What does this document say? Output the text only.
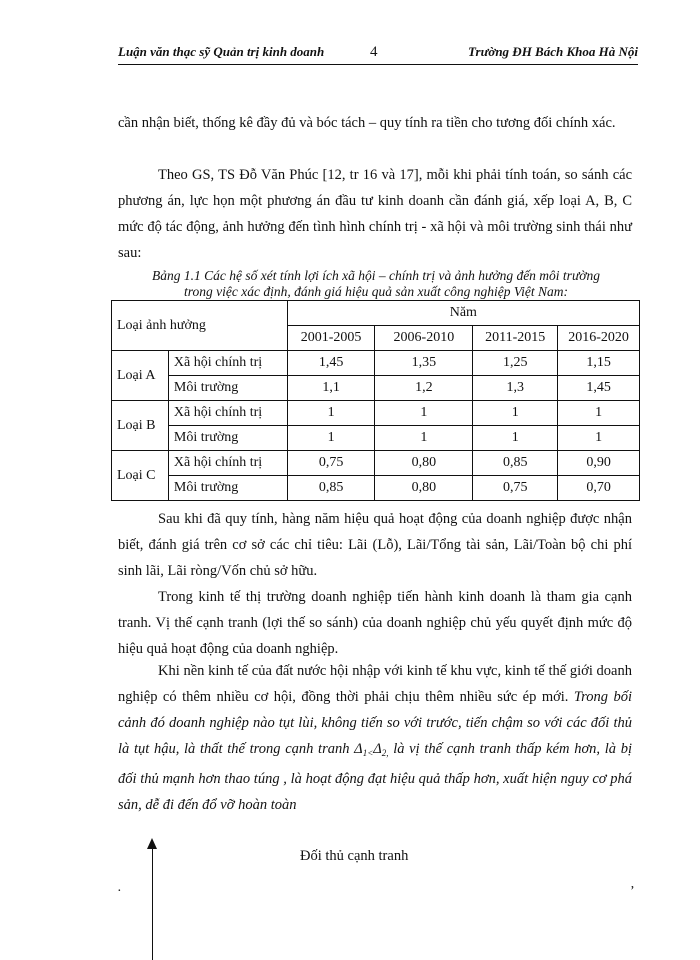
Luận văn thạc sỹ Quản trị kinh doanh	4	Trường ĐH Bách Khoa Hà Nội

cần nhận biết, thống kê đầy đủ và bóc tách – quy tính ra tiền cho tương đối chính xác.

Theo GS, TS Đỗ Văn Phúc [12, tr 16 và 17], mỗi khi phải tính toán, so sánh các phương án, lực họn một phương án đầu tư kinh doanh cần đánh giá, xếp loại A, B, C mức độ tác động, ảnh hưởng đến tình hình chính trị - xã hội và môi trường sinh thái như sau:

Bảng 1.1 Các hệ số xét tính lợi ích xã hội – chính trị và ảnh hưởng đến môi trường
trong việc xác định, đánh giá hiệu quả sản xuất công nghiệp Việt Nam:
Loại ảnh hưởng		Năm			
		2001-2005	2006-2010	2011-2015	2016-2020
Loại A	Xã hội chính trị	1,45	1,35	1,25	1,15
	Môi trường	1,1	1,2	1,3	1,45
Loại B	Xã hội chính trị	1	1	1	1
	Môi trường	1	1	1	1
Loại C	Xã hội chính trị	0,75	0,80	0,85	0,90
	Môi trường	0,85	0,80	0,75	0,70

Sau khi đã quy tính, hàng năm hiệu quả hoạt động của doanh nghiệp được nhận biết, đánh giá trên cơ sở các chỉ tiêu: Lãi (Lỗ), Lãi/Tổng tài sản, Lãi/Toàn bộ chi phí sinh lãi, Lãi ròng/Vốn chủ sở hữu.

Trong kinh tế thị trường doanh nghiệp tiến hành kinh doanh là tham gia cạnh tranh. Vị thế cạnh tranh (lợi thế so sánh) của doanh nghiệp chủ yếu quyết định mức độ hiệu quả hoạt động của doanh nghiệp.

Khi nền kinh tế của đất nước hội nhập với kinh tế khu vực, kinh tế thế giới doanh nghiệp có thêm nhiều cơ hội, đồng thời phải chịu thêm nhiều sức ép mới. Trong bối cảnh đó doanh nghiệp nào tụt lùi, không tiến so với trước, tiến chậm so với các đối thủ là tụt hậu, là thất thế trong cạnh tranh $\Delta_{1<}\Delta_{2,}$ là vị thế cạnh tranh thấp kém hơn, là bị đối thủ mạnh hơn thao túng , là hoạt động đạt hiệu quả thấp hơn, xuất hiện nguy cơ phá sản, dễ đi đến đổ vỡ hoàn toàn

Đối thủ cạnh tranh
·	ʼ
